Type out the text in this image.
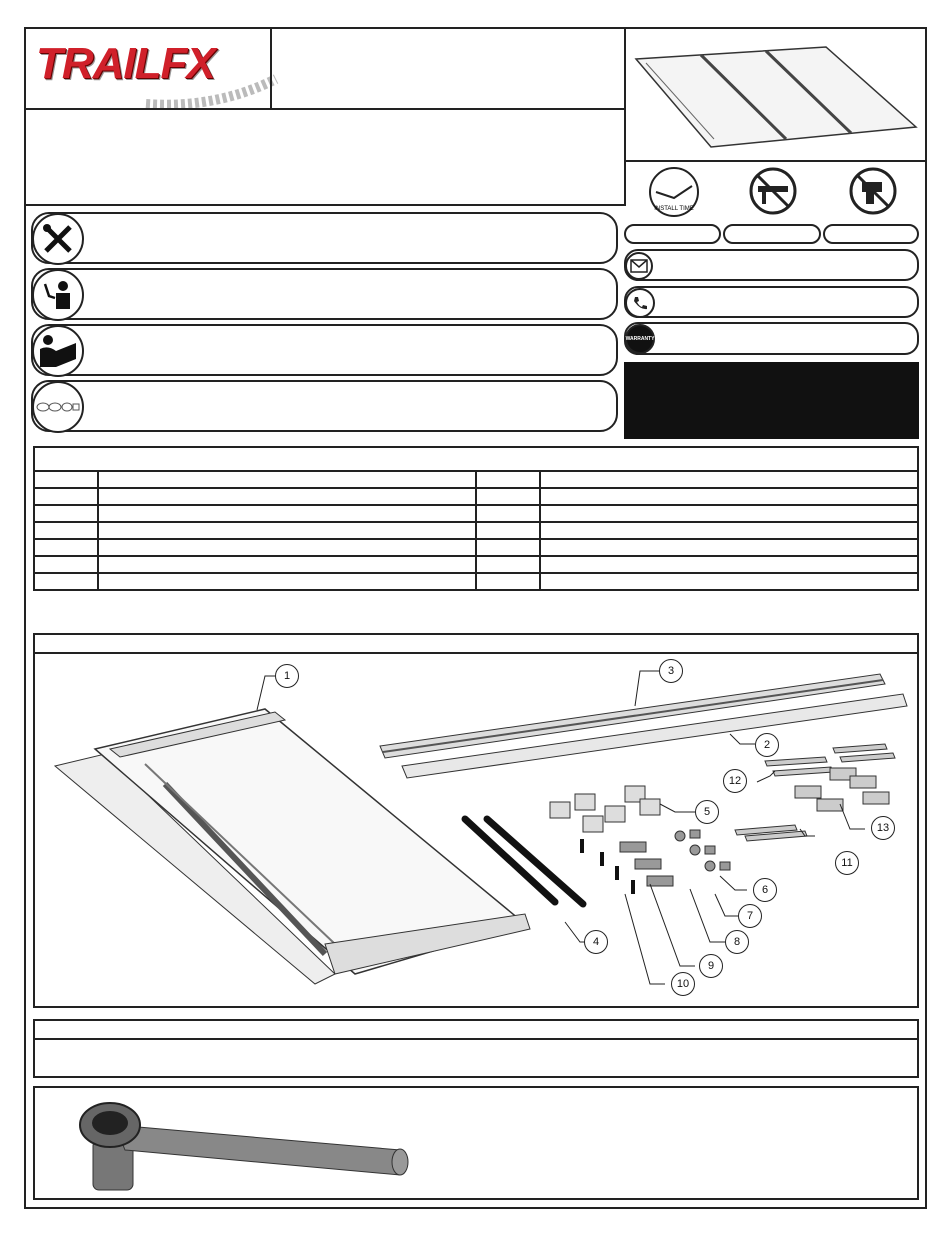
TRAILFX
INSTALL TIME
WARRANTY

1
2
3
4
5
6
7
8
9
10
11
12
13
